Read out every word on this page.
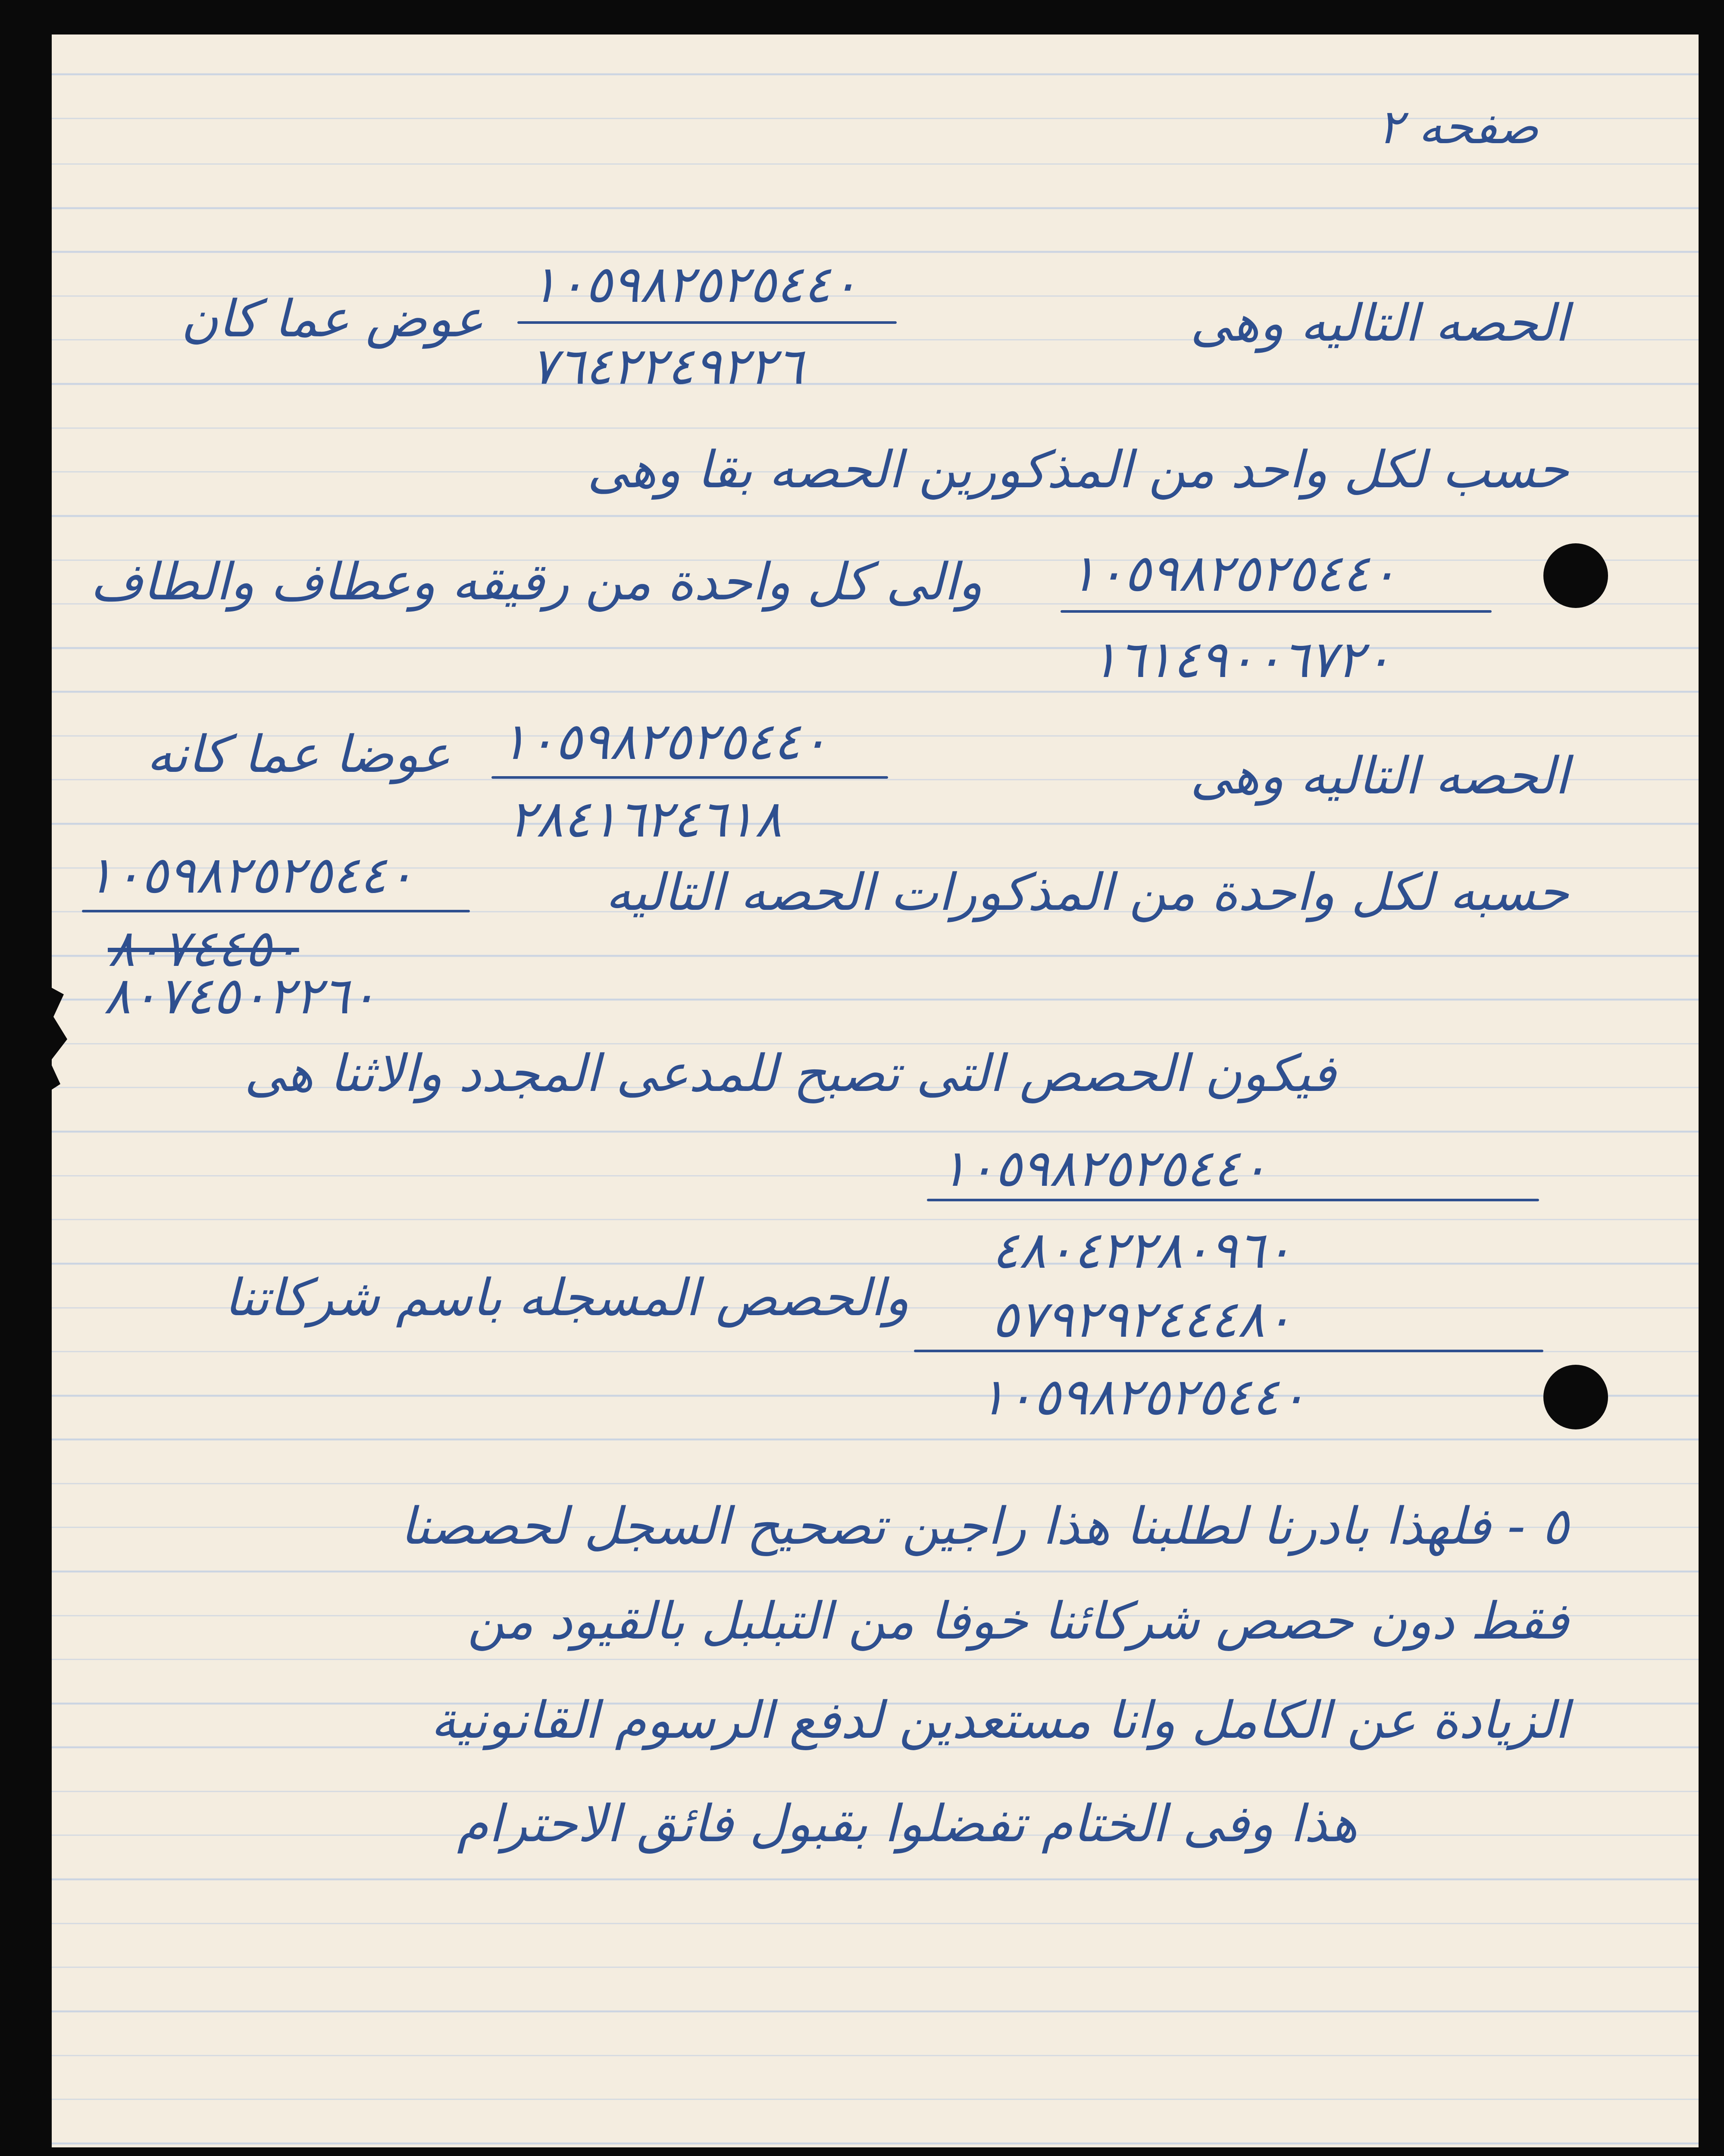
صفحه ٢
١٠٥٩٨٢٥٢٥٤٤٠
٧٦٤٢٢٤٩٢٢٦
الحصه التاليه وهى
عوض عما كان
حسب لكل واحد من المذكورين الحصه بقا وهى
١٠٥٩٨٢٥٢٥٤٤٠
١٦١٤٩٠٠٦٧٢٠
والى كل واحدة من رقيقه وعطاف والطاف
١٠٥٩٨٢٥٢٥٤٤٠
٢٨٤١٦٢٤٦١٨
الحصه التاليه وهى
عوضا عما كانه
حسبه لكل واحدة من المذكورات الحصه التاليه
١٠٥٩٨٢٥٢٥٤٤٠
٨٠٧٤٤٥٠
٨٠٧٤٥٠٢٢٦٠
فيكون الحصص التى تصبح للمدعى المجدد والاثنا هى
١٠٥٩٨٢٥٢٥٤٤٠
٤٨٠٤٢٢٨٠٩٦٠
٥٧٩٢٩٢٤٤٤٨٠
والحصص المسجله باسم شركاتنا
١٠٥٩٨٢٥٢٥٤٤٠
٥ - فلهذا بادرنا لطلبنا هذا راجين تصحيح السجل لحصصنا
فقط دون حصص شركائنا خوفا من التبلبل بالقيود من
الزيادة عن الكامل وانا مستعدين لدفع الرسوم القانونية
هذا وفى الختام تفضلوا بقبول فائق الاحترام
